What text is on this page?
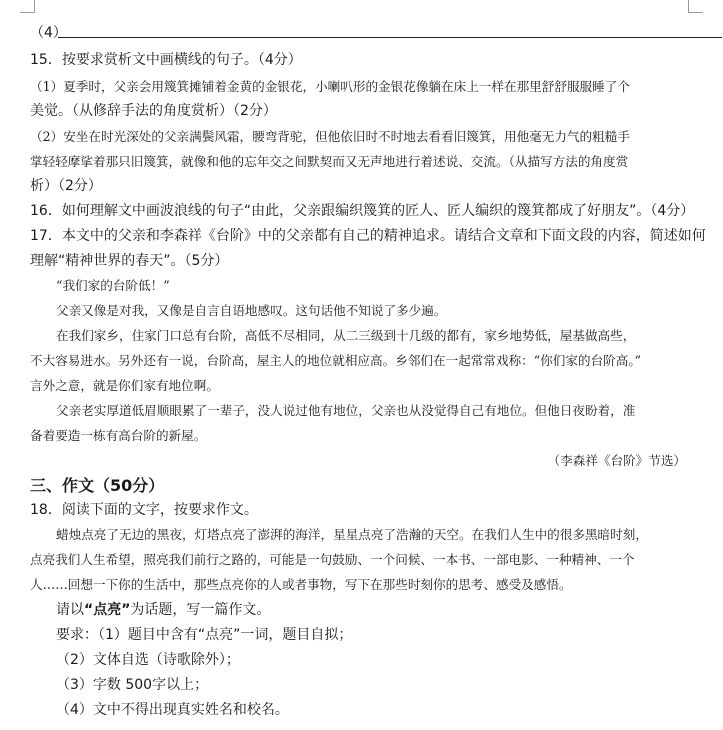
（4）
15．按要求赏析文中画横线的句子。（4分）
（1）夏季时，父亲会用篾箕摊铺着金黄的金银花，小喇叭形的金银花像躺在床上一样在那里舒舒服服睡了个
美觉。（从修辞手法的角度赏析）（2分）
（2）安坐在时光深处的父亲满鬓风霜，腰弯背驼，但他依旧时不时地去看看旧篾箕，用他毫无力气的粗糙手
掌轻轻摩挲着那只旧篾箕，就像和他的忘年交之间默契而又无声地进行着述说、交流。（从描写方法的角度赏
析）（2分）
16．如何理解文中画波浪线的句子“由此，父亲跟编织篾箕的匠人、匠人编织的篾箕都成了好朋友”。（4分）
17．本文中的父亲和李森祥《台阶》中的父亲都有自己的精神追求。请结合文章和下面文段的内容，简述如何
理解“精神世界的春天”。（5分）
“我们家的台阶低！”
父亲又像是对我，又像是自言自语地感叹。这句话他不知说了多少遍。
在我们家乡，住家门口总有台阶，高低不尽相同，从二三级到十几级的都有，家乡地势低，屋基做高些，
不大容易进水。另外还有一说，台阶高，屋主人的地位就相应高。乡邻们在一起常常戏称：“你们家的台阶高。”
言外之意，就是你们家有地位啊。
父亲老实厚道低眉顺眼累了一辈子，没人说过他有地位，父亲也从没觉得自己有地位。但他日夜盼着，准
备着要造一栋有高台阶的新屋。
（李森祥《台阶》节选）
三、作文（50分）
18．阅读下面的文字，按要求作文。
蜡烛点亮了无边的黑夜，灯塔点亮了澎湃的海洋，星星点亮了浩瀚的天空。在我们人生中的很多黑暗时刻，
点亮我们人生希望，照亮我们前行之路的，可能是一句鼓励、一个问候、一本书、一部电影、一种精神、一个
人……回想一下你的生活中，那些点亮你的人或者事物，写下在那些时刻你的思考、感受及感悟。
请以“点亮”为话题，写一篇作文。
要求：（1）题目中含有“点亮”一词，题目自拟；
（2）文体自选（诗歌除外）；
（3）字数 500字以上；
（4）文中不得出现真实姓名和校名。
